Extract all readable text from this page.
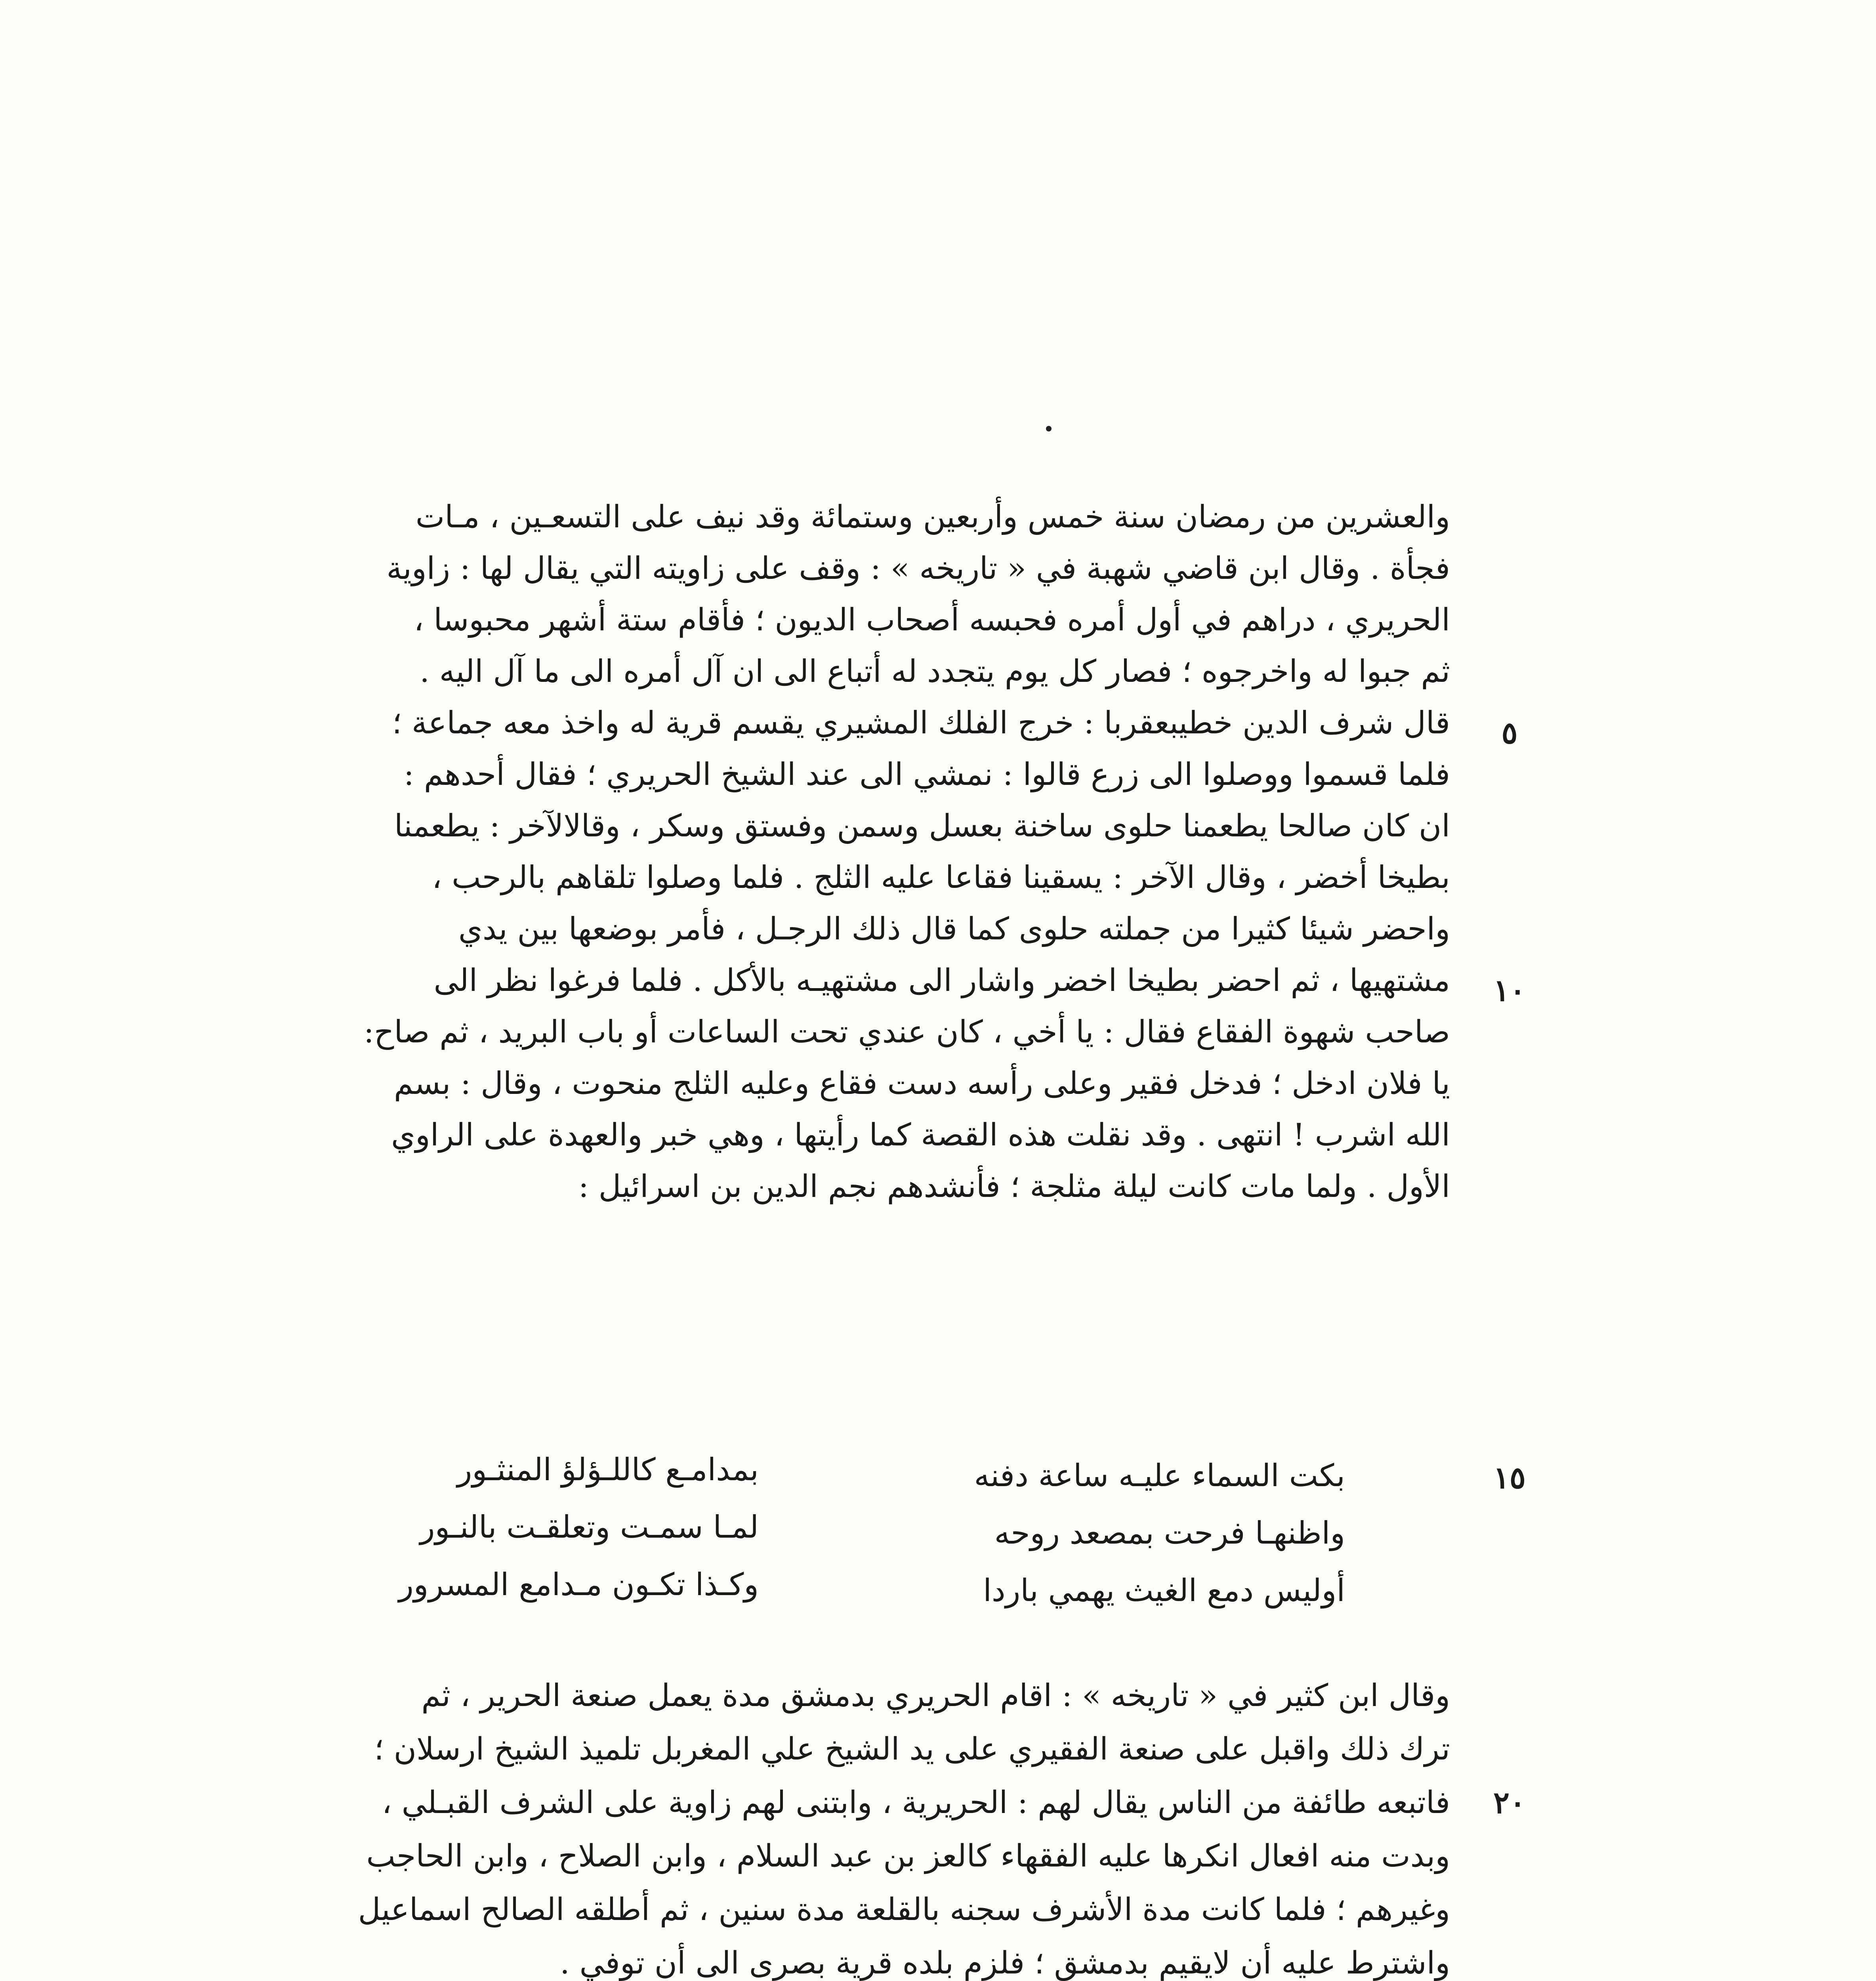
والعشرين من رمضان سنة خمس وأربعين وستمائة وقد نيف على التسعـين ، مـات
فجأة . وقال ابن قاضي شهبة في « تاريخه » : وقف على زاويته التي يقال لها : زاوية
الحريري ، دراهم في أول أمره فحبسه أصحاب الديون ؛ فأقام ستة أشهر محبوسا ،
ثم جبوا له واخرجوه ؛ فصار كل يوم يتجدد له أتباع الى ان آل أمره الى ما آل اليه .
قال شرف الدين خطيبعقربا : خرج الفلك المشيري يقسم قرية له واخذ معه جماعة ؛
فلما قسموا ووصلوا الى زرع قالوا : نمشي الى عند الشيخ الحريري ؛ فقال أحدهم :
ان كان صالحا يطعمنا حلوى ساخنة بعسل وسمن وفستق وسكر ، وقالالآخر : يطعمنا
بطيخا أخضر ، وقال الآخر : يسقينا فقاعا عليه الثلج . فلما وصلوا تلقاهم بالرحب ،
واحضر شيئا كثيرا من جملته حلوى كما قال ذلك الرجـل ، فأمر بوضعها بين يدي
مشتهيها ، ثم احضر بطيخا اخضر واشار الى مشتهيـه بالأكل . فلما فرغوا نظر الى
صاحب شهوة الفقاع فقال : يا أخي ، كان عندي تحت الساعات أو باب البريد ، ثم صاح:
يا فلان ادخل ؛ فدخل فقير وعلى رأسه دست فقاع وعليه الثلج منحوت ، وقال : بسم
الله اشرب ! انتهى . وقد نقلت هذه القصة كما رأيتها ، وهي خبر والعهدة على الراوي
الأول . ولما مات كانت ليلة مثلجة ؛ فأنشدهم نجم الدين بن اسرائيل :
بكت السماء عليـه ساعة دفنه
بمدامـع كاللـؤلؤ المنثـور
واظنهـا فرحت بمصعد روحه
لمـا سمـت وتعلقـت بالنـور
أوليس دمع الغيث يهمي باردا
وكـذا تكـون مـدامع المسرور
وقال ابن كثير في « تاريخه » : اقام الحريري بدمشق مدة يعمل صنعة الحرير ، ثم
ترك ذلك واقبل على صنعة الفقيري على يد الشيخ علي المغربل تلميذ الشيخ ارسلان ؛
فاتبعه طائفة من الناس يقال لهم : الحريرية ، وابتنى لهم زاوية على الشرف القبـلي ،
وبدت منه افعال انكرها عليه الفقهاء كالعز بن عبد السلام ، وابن الصلاح ، وابن الحاجب
وغيرهم ؛ فلما كانت مدة الأشرف سجنه بالقلعة مدة سنين ، ثم أطلقه الصالح اسماعيل
واشترط عليه أن لايقيم بدمشق ؛ فلزم بلده قرية بصرى الى أن توفي .
٥
١٠
١٥
٢٠
